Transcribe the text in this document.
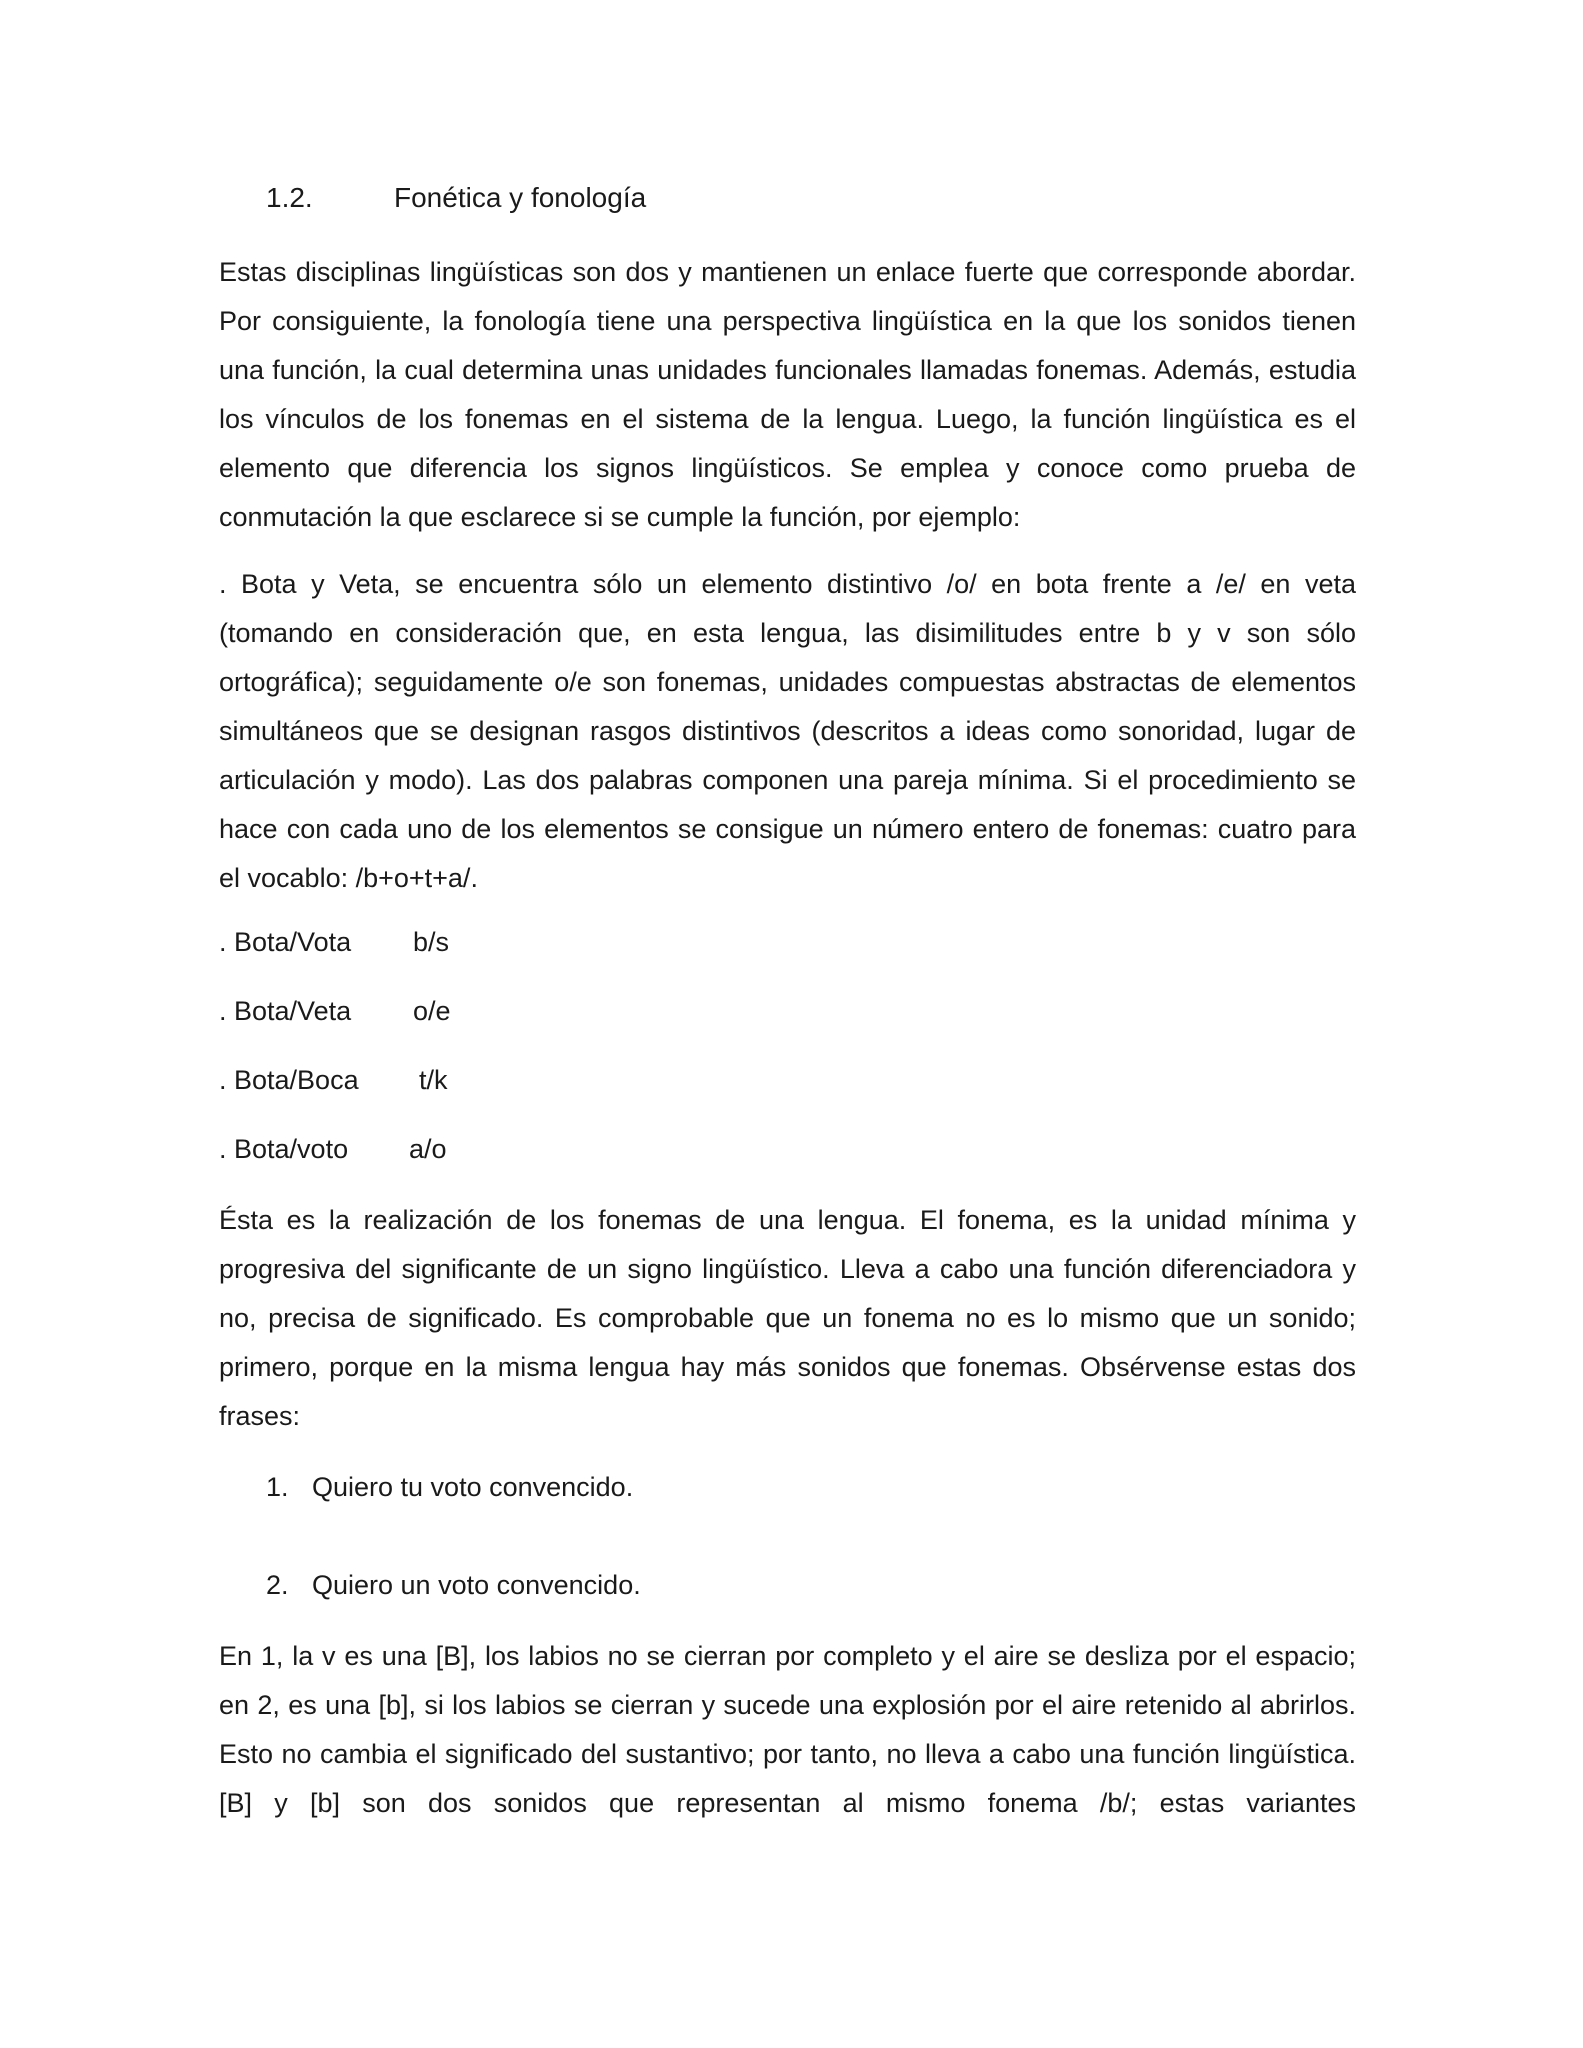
1.2.	Fonética y fonología

Estas disciplinas lingüísticas son dos y mantienen un enlace fuerte que corresponde abordar. Por consiguiente, la fonología tiene una perspectiva lingüística en la que los sonidos tienen una función, la cual determina unas unidades funcionales llamadas fonemas. Además, estudia los vínculos de los fonemas en el sistema de la lengua. Luego, la función lingüística es el elemento que diferencia los signos lingüísticos. Se emplea y conoce como prueba de conmutación la que esclarece si se cumple la función, por ejemplo:

. Bota y Veta, se encuentra sólo un elemento distintivo /o/ en bota frente a /e/ en veta (tomando en consideración que, en esta lengua, las disimilitudes entre b y v son sólo ortográfica); seguidamente o/e son fonemas, unidades compuestas abstractas de elementos simultáneos que se designan rasgos distintivos (descritos a ideas como sonoridad, lugar de articulación y modo). Las dos palabras componen una pareja mínima. Si el procedimiento se hace con cada uno de los elementos se consigue un número entero de fonemas: cuatro para el vocablo: /b+o+t+a/.

. Bota/Vota b/s
. Bota/Veta o/e
. Bota/Boca t/k
. Bota/voto a/o

Ésta es la realización de los fonemas de una lengua. El fonema, es la unidad mínima y progresiva del significante de un signo lingüístico. Lleva a cabo una función diferenciadora y no, precisa de significado. Es comprobable que un fonema no es lo mismo que un sonido; primero, porque en la misma lengua hay más sonidos que fonemas. Obsérvense estas dos frases:

1. Quiero tu voto convencido.
2. Quiero un voto convencido.

En 1, la v es una [B], los labios no se cierran por completo y el aire se desliza por el espacio; en 2, es una [b], si los labios se cierran y sucede una explosión por el aire retenido al abrirlos. Esto no cambia el significado del sustantivo; por tanto, no lleva a cabo una función lingüística. [B] y [b] son dos sonidos que representan al mismo fonema /b/; estas variantes
